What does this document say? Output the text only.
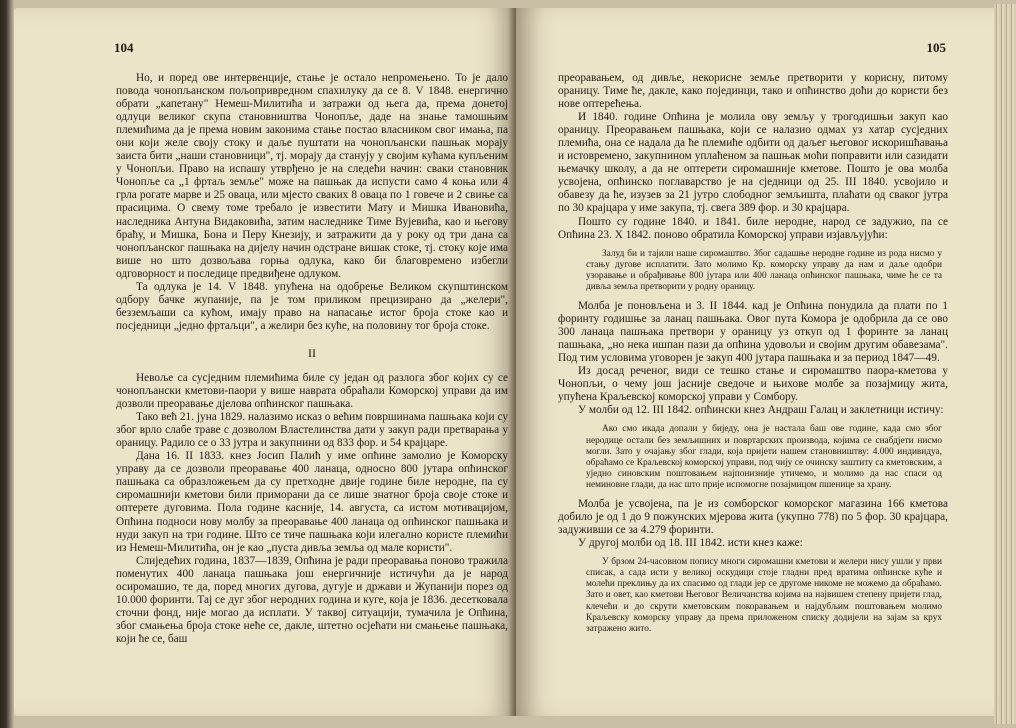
104

Но, и поред ове интервенције, стање је остало непромењено. То је дало повода чонопљанском пољопривредном спахилуку да се 8. V 1848. енергично обрати „капетану" Немеш-Милитића и затражи од њега да, према донетој одлуци великог скупа становништва Чонопље, даде на знање тамошњим племићима да је према новим законима стање постао власником свог имања, па они који желе своју стоку и даље пуштати на чонопљански пашњак морају заиста бити „наши становници", тј. морају да станују у својим кућама купљеним у Чонопљи. Право на испашу утврђено је на следећи начин: сваки становник Чонопље са „1 фртаљ земље" може на пашњак да испусти само 4 коња или 4 грла рогате марве и 25 оваца, или мјесто сваких 8 оваца по 1 говече и 2 свиње са прасицима. О свему томе требало је известити Мату и Мишка Ивановића, наследника Антуна Видаковића, затим наследнике Тиме Вујевића, као и његову браћу, и Мишка, Бона и Перу Кнезију, и затражити да у року од три дана са чонопљанског пашњака на дијелу начин одстране вишак стоке, тј. стоку које има више но што дозвољава горња одлука, како би благовремено избегли одговорност и последице предвиђене одлуком.

Та одлука је 14. V 1848. упућена на одобрење Великом скупштинском одбору бачке жупаније, па је том приликом прецизирано да „желери", безземљаши са кућом, имају право на напасање истог броја стоке као и посједници „једно фртаљци", а желири без куће, на половину тог броја стоке.

II

Невоље са сусједним племићима биле су један од разлога због којих су се чонопљански кметови-паори у више навратa обраћали Коморској управи да им дозволи преоравање дјелова опћинског пашњака.

Тако већ 21. јуна 1829. налазимо исказ о већим површинама пашњака који су због врло слабе траве с дозволом Властелинства дати у закуп ради претварања у ораницу. Радило се о 33 јутра и закупнини од 833 фор. и 54 крајцаре.

Дана 16. II 1833. кнез Јосип Палић у име опћине замолио је Коморску управу да се дозволи преоравање 400 ланаца, односно 800 јутара опћинског пашњака са образложењем да су претходне двије године биле неродне, па су сиромашнији кметови били приморани да се лише знатног броја своје стоке и оптерете дуговима. Пола године касније, 14. августа, са истом мотивацијом, Опћина подноси нову молбу за преоравање 400 ланаца од опћинског пашњака и нуди закуп на три године. Што се тиче пашњака који илегално користе племићи из Немеш-Милитића, он је као „пуста дивља земља од мале користи".

Слиједећих година, 1837—1839, Опћина је ради преоравања поново тражила поменутих 400 ланаца пашњака још енергичније истичући да је народ осиромашио, те да, поред многих дугова, дугује и држави и Жупанији порез од 10.000 форинти. Тај се дуг због неродних година и куге, која је 1836. десетковала сточни фонд, није могао да исплати. У таквој ситуацији, тумачила је Опћина, због смањења броја стоке неће се, дакле, штетно осјећати ни смањење пашњака, који ће се, баш

105

преоравањем, од дивље, некорисне земље претворити у корисну, питому ораницу. Тиме ће, дакле, како појединци, тако и опћинство доћи до користи без нове оптерећења.

И 1840. године Опћина је молила ову земљу у трогодишњи закуп као ораницу. Преоравањем пашњака, који се налазио одмах уз хатар сусједних племића, она се надала да ће племиће одбити од даљег његовог искоришћавања и истовремено, закупнином уплаћеном за пашњак моћи поправити или сазидати њемачку школу, а да не оптерети сиромашније кметове. Пошто је ова молба усвојена, опћинско поглаварство је на сједници од 25. III 1840. усвојило и обавезу да ће, изузев за 21 јутро слободног земљишта, плаћати од сваког јутра по 30 крајцара у име закупа, тј. свега 389 фор. и 30 крајцара.

Пошто су године 1840. и 1841. биле неродне, народ се задужио, па се Опћина 23. X 1842. поново обратила Коморској управи изјављујући:

Залуд би и тајили наше сиромаштво. Због садашње неродне године из рода нисмо у стању дугове исплатити. Зато молимо Кр. коморску управу да нам и даље одобри узоравање и обрађивање 800 јутара или 400 ланаца опћинског пашњака, чиме ће се та дивља земља претворити у родну ораницу.

Молба је поновљена и 3. II 1844. кад је Опћина понудила да плати по 1 форинту годишње за ланац пашњака. Овог пута Комора је одобрила да се ово 300 ланаца пашњака претвори у ораницу уз откуп од 1 форинте за ланац пашњака, „но нека ишпан пази да опћина удовољи и својим другим обавезама". Под тим условима уговорен је закуп 400 јутара пашњака и за период 1847—49.

Из досад реченог, види се тешко стање и сиромаштво паора-кметова у Чонопљи, о чему још јасније сведоче и њихове молбе за позајмицу жита, упућена Краљевској коморској управи у Сомбору.

У молби од 12. III 1842. опћински кнез Андраш Галац и заклетници истичу:

Ако смо икада допали у биједу, она је настала баш ове године, када смо због неродице остали без земљишних и повртарских производа, којима се снабдјети нисмо могли. Зато у очајању због глади, која пријети нашем становништву: 4.000 индивидуа, обраћамо се Краљевској коморској управи, под чију се очинску заштиту са кметовским, а уједно синовским поштовањем најпонизније утичемо, и молимо да нас спаси од неминовне глади, да нас што прије испомогне позајмицом пшенице за храну.

Молба је усвојена, па је из сомборског коморског магазина 166 кметова добило је од 1 до 9 пожунских мјерова жита (укупно 778) по 5 фор. 30 крајцара, задуживши се за 4.279 форинти.

У другој молби од 18. III 1842. исти кнез каже:

У брзом 24-часовном попису многи сиромашни кметови и желери нису ушли у први списак, а сада исти у великој оскудици стоје гладни пред вратима опћинске куће и молећи преклињу да их спасимо од глади јер се другоме никоме не можемо да обраћамо. Зато и овет, као кметови Његовог Величанства којима на највишем степену пријети глад, клечећи и до скрути кметовским покоравањем и најдубљим поштовањем молимо Краљевску коморску управу да према приложеном списку додијели на зајам за крух затражено жито.
